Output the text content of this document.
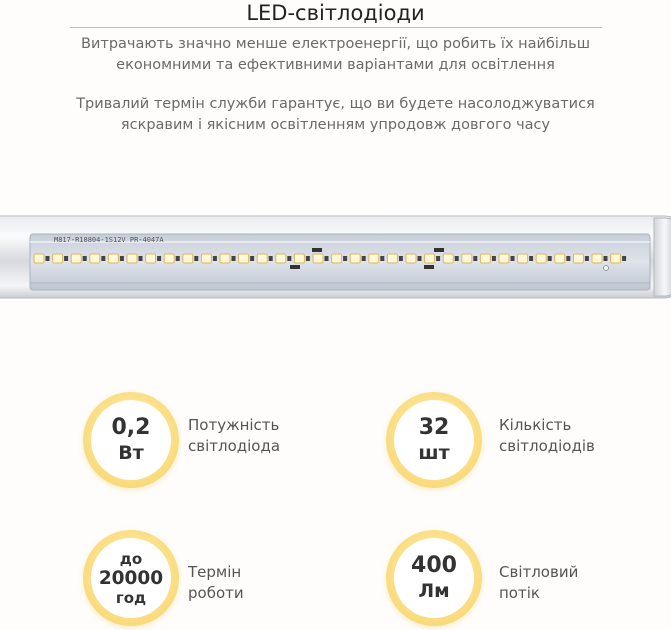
LED-світлодіоди
Витрачають значно менше електроенергії, що робить їх найбільш
економними та ефективними варіантами для освітлення
Тривалий термін служби гарантує, що ви будете насолоджуватися
яскравим і якісним освітленням упродовж довгого часу
M817-R18804-1S12V PR-4047A
0,2
Вт
Потужність
світлодіода
32
шт
Кількість
світлодіодів
до
20000
год
Термін
роботи
400
Лм
Світловий
потік
